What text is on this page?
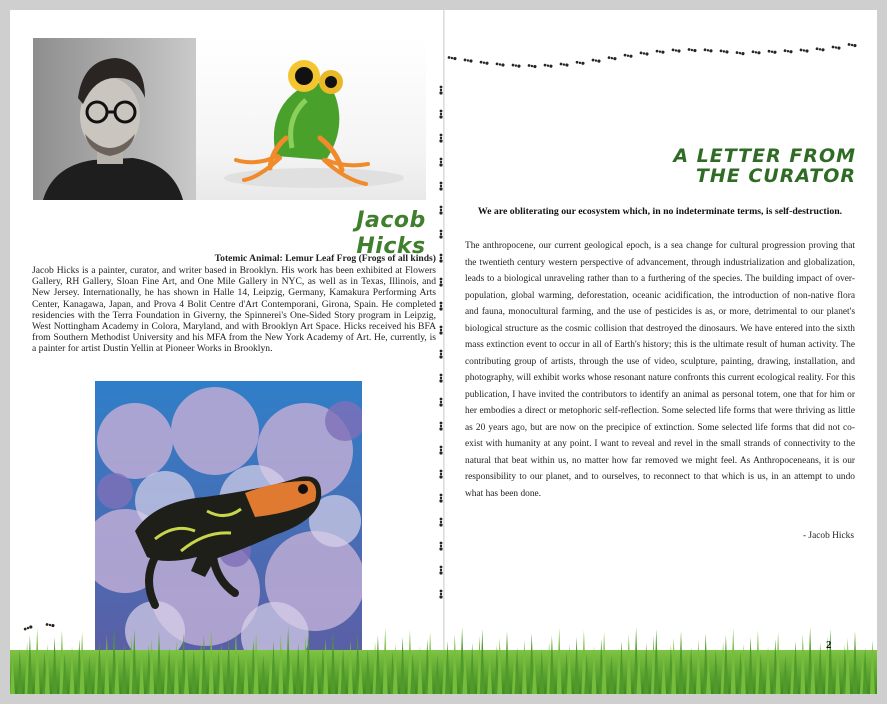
Jacob
Hicks
Totemic Animal: Lemur Leaf Frog (Frogs of all kinds)
Jacob Hicks is a painter, curator, and writer based in Brooklyn. His work has been exhibited at Flowers Gallery, RH Gallery, Sloan Fine Art, and One Mile Gallery in NYC, as well as in Texas, Illinois, and New Jersey. Internationally, he has shown in Halle 14, Leipzig, Germany, Kamakura Performing Arts Center, Kanagawa, Japan, and Prova 4 Bolit Centre d'Art Contemporani, Girona, Spain. He completed residencies with the Terra Foundation in Giverny, the Spinnerei's One-Sided Story program in Leipzig, West Nottingham Academy in Colora, Maryland, and with Brooklyn Art Space. Hicks received his BFA from Southern Methodist University and his MFA from the New York Academy of Art. He, currently, is a painter for artist Dustin Yellin at Pioneer Works in Brooklyn.
A LETTER FROM
THE CURATOR
We are obliterating our ecosystem which, in no indeterminate terms, is self-destruction.
The anthropocene, our current geological epoch, is a sea change for cultural progression proving that the twentieth century western perspective of advancement, through industrialization and globalization, leads to a biological unraveling rather than to a furthering of the species. The building impact of over-population, global warming, deforestation, oceanic acidification, the introduction of non-native flora and fauna, monocultural farming, and the use of pesticides is as, or more, detrimental to our planet's biological structure as the cosmic collision that destroyed the dinosaurs. We have entered into the sixth mass extinction event to occur in all of Earth's history; this is the ultimate result of human activity. The contributing group of artists, through the use of video, sculpture, painting, drawing, installation, and photography, will exhibit works whose resonant nature confronts this current ecological reality. For this publication, I have invited the contributors to identify an animal as personal totem, one that for him or her embodies a direct or metophoric self-reflection. Some selected life forms that were thriving as little as 20 years ago, but are now on the precipice of extinction. Some selected life forms that did not co-exist with humanity at any point. I want to reveal and revel in the small strands of connectivity to the natural that beat within us, no matter how far removed we might feel. As Anthropoceneans, it is our responsibility to our planet, and to ourselves, to reconnect to that which is us, in an attempt to undo what has been done.
- Jacob Hicks
2
